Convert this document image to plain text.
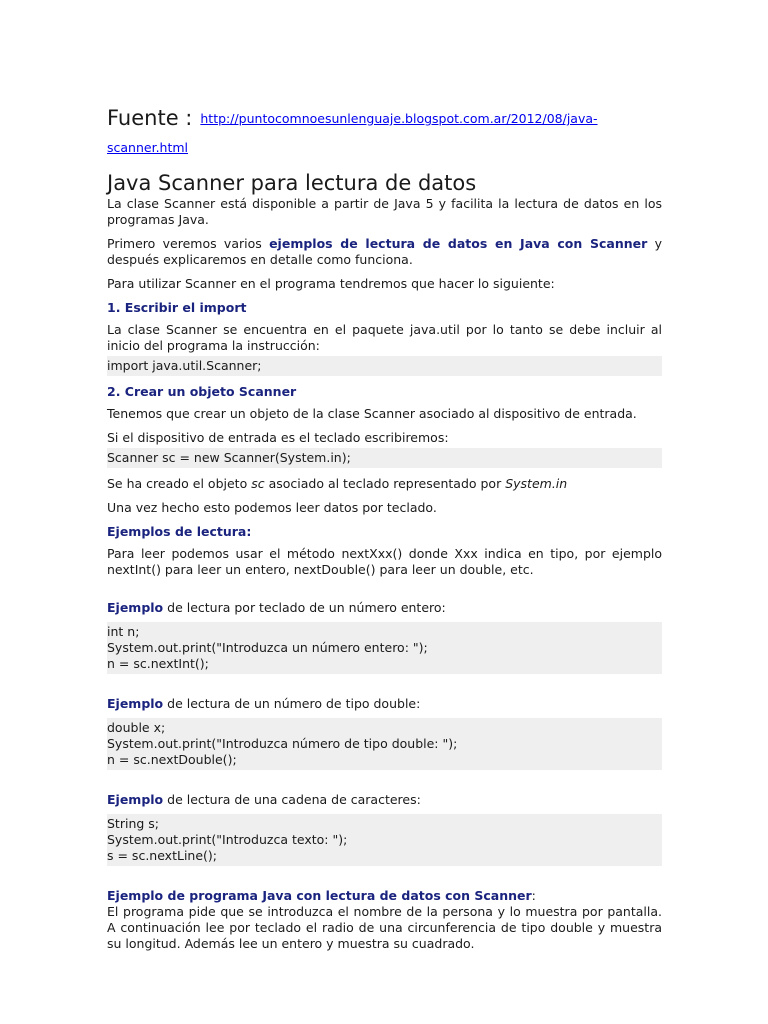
Fuente : http://puntocomnoesunlenguaje.blogspot.com.ar/2012/08/java-scanner.html
Java Scanner para lectura de datos

La clase Scanner está disponible a partir de Java 5 y facilita la lectura de datos en los programas Java.

Primero veremos varios ejemplos de lectura de datos en Java con Scanner y después explicaremos en detalle como funciona.

Para utilizar Scanner en el programa tendremos que hacer lo siguiente:

1. Escribir el import

La clase Scanner se encuentra en el paquete java.util por lo tanto se debe incluir al inicio del programa la instrucción:

import java.util.Scanner;
2. Crear un objeto Scanner

Tenemos que crear un objeto de la clase Scanner asociado al dispositivo de entrada.

Si el dispositivo de entrada es el teclado escribiremos:

Scanner sc = new Scanner(System.in);

Se ha creado el objeto sc asociado al teclado representado por System.in

Una vez hecho esto podemos leer datos por teclado.

Ejemplos de lectura:

Para leer podemos usar el método nextXxx() donde Xxx indica en tipo, por ejemplo nextInt() para leer un entero, nextDouble() para leer un double, etc.

Ejemplo de lectura por teclado de un número entero:

int n;
System.out.print("Introduzca un número entero: ");
n = sc.nextInt();

Ejemplo de lectura de un número de tipo double:

double x;
System.out.print("Introduzca número de tipo double: ");
n = sc.nextDouble();

Ejemplo de lectura de una cadena de caracteres:

String s;
System.out.print("Introduzca texto: ");
s = sc.nextLine();

Ejemplo de programa Java con lectura de datos con Scanner:

El programa pide que se introduzca el nombre de la persona y lo muestra por pantalla. A continuación lee por teclado el radio de una circunferencia de tipo double y muestra su longitud. Además lee un entero y muestra su cuadrado.
